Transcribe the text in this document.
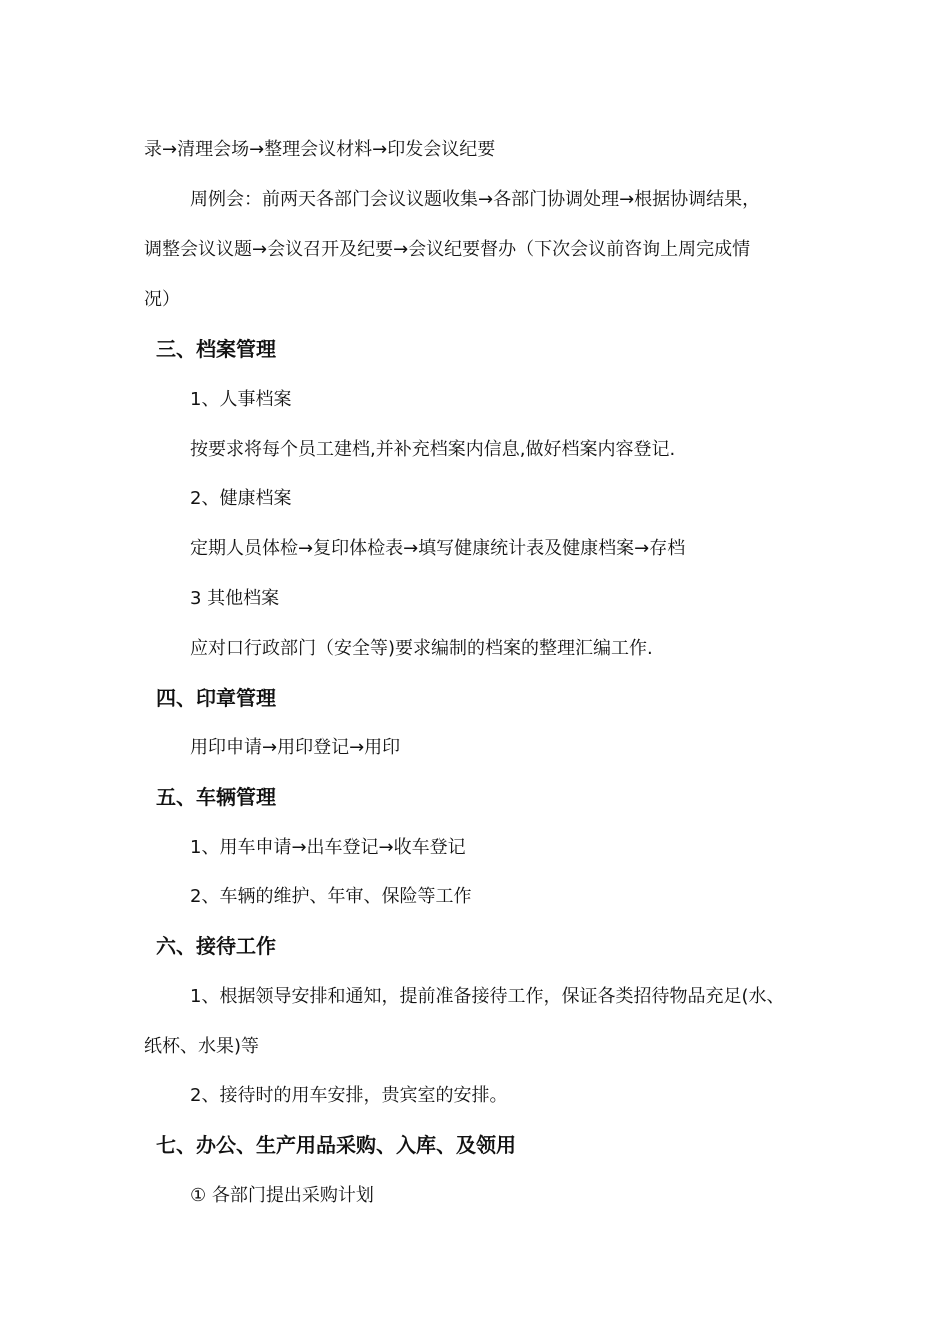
录→清理会场→整理会议材料→印发会议纪要
周例会：前两天各部门会议议题收集→各部门协调处理→根据协调结果，
调整会议议题→会议召开及纪要→会议纪要督办（下次会议前咨询上周完成情
况）
三、档案管理
1、人事档案
按要求将每个员工建档,并补充档案内信息,做好档案内容登记.
2、健康档案
定期人员体检→复印体检表→填写健康统计表及健康档案→存档
3 其他档案
应对口行政部门（安全等)要求编制的档案的整理汇编工作.
四、印章管理
用印申请→用印登记→用印
五、车辆管理
1、用车申请→出车登记→收车登记
2、车辆的维护、年审、保险等工作
六、接待工作
1、根据领导安排和通知，提前准备接待工作，保证各类招待物品充足(水、
纸杯、水果)等
2、接待时的用车安排，贵宾室的安排。
七、办公、生产用品采购、入库、及领用
① 各部门提出采购计划
